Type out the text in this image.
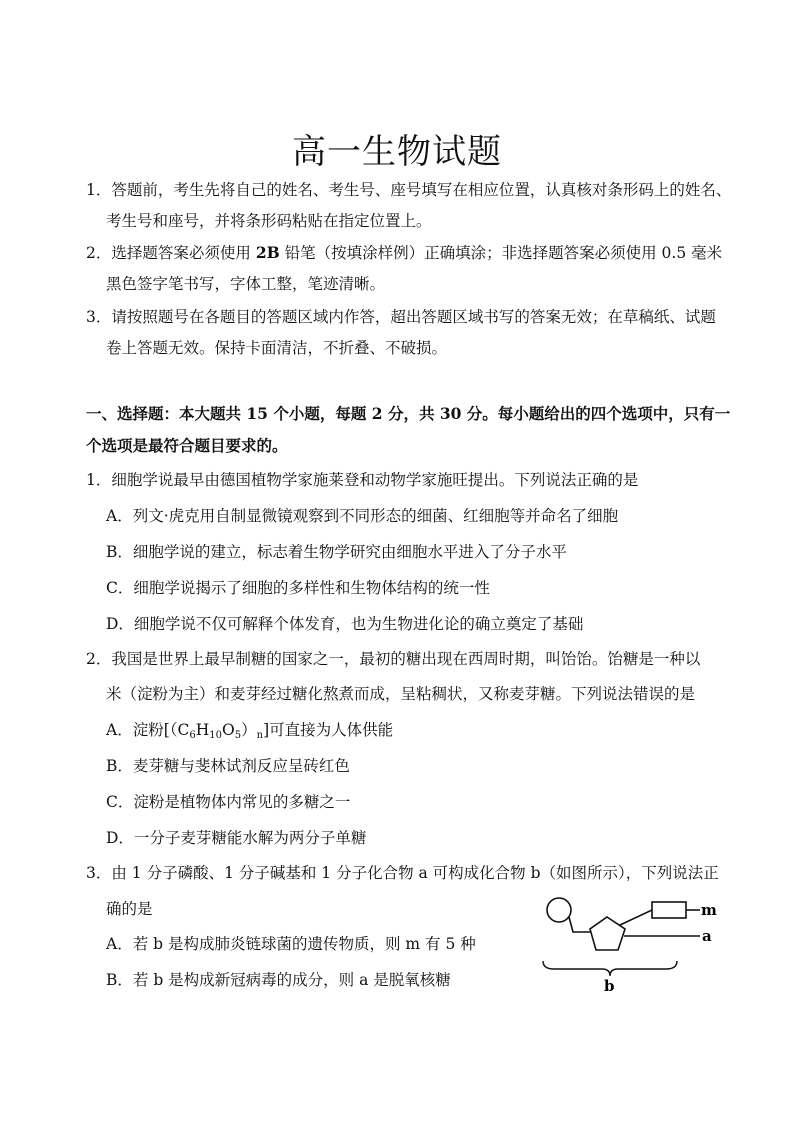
高一生物试题
1．答题前，考生先将自己的姓名、考生号、座号填写在相应位置，认真核对条形码上的姓名、
考生号和座号，并将条形码粘贴在指定位置上。
2．选择题答案必须使用 2B 铅笔（按填涂样例）正确填涂；非选择题答案必须使用 0.5 毫米
黑色签字笔书写，字体工整，笔迹清晰。
3．请按照题号在各题目的答题区域内作答，超出答题区域书写的答案无效；在草稿纸、试题
卷上答题无效。保持卡面清洁，不折叠、不破损。
一、选择题：本大题共 15 个小题，每题 2 分，共 30 分。每小题给出的四个选项中，只有一
个选项是最符合题目要求的。
1．细胞学说最早由德国植物学家施莱登和动物学家施旺提出。下列说法正确的是
A．列文·虎克用自制显微镜观察到不同形态的细菌、红细胞等并命名了细胞
B．细胞学说的建立，标志着生物学研究由细胞水平进入了分子水平
C．细胞学说揭示了细胞的多样性和生物体结构的统一性
D．细胞学说不仅可解释个体发育，也为生物进化论的确立奠定了基础
2．我国是世界上最早制糖的国家之一，最初的糖出现在西周时期，叫饴饴。饴糖是一种以
米（淀粉为主）和麦芽经过糖化熬煮而成，呈粘稠状，又称麦芽糖。下列说法错误的是
A．淀粉$[(C_6H_{10}O_5)_n]$可直接为人体供能
B．麦芽糖与斐林试剂反应呈砖红色
C．淀粉是植物体内常见的多糖之一
D．一分子麦芽糖能水解为两分子单糖
3．由 1 分子磷酸、1 分子碱基和 1 分子化合物 a 可构成化合物 b（如图所示），下列说法正
确的是
A．若 b 是构成肺炎链球菌的遗传物质，则 m 有 5 种
B．若 b 是构成新冠病毒的成分，则 a 是脱氧核糖
m
a
b
